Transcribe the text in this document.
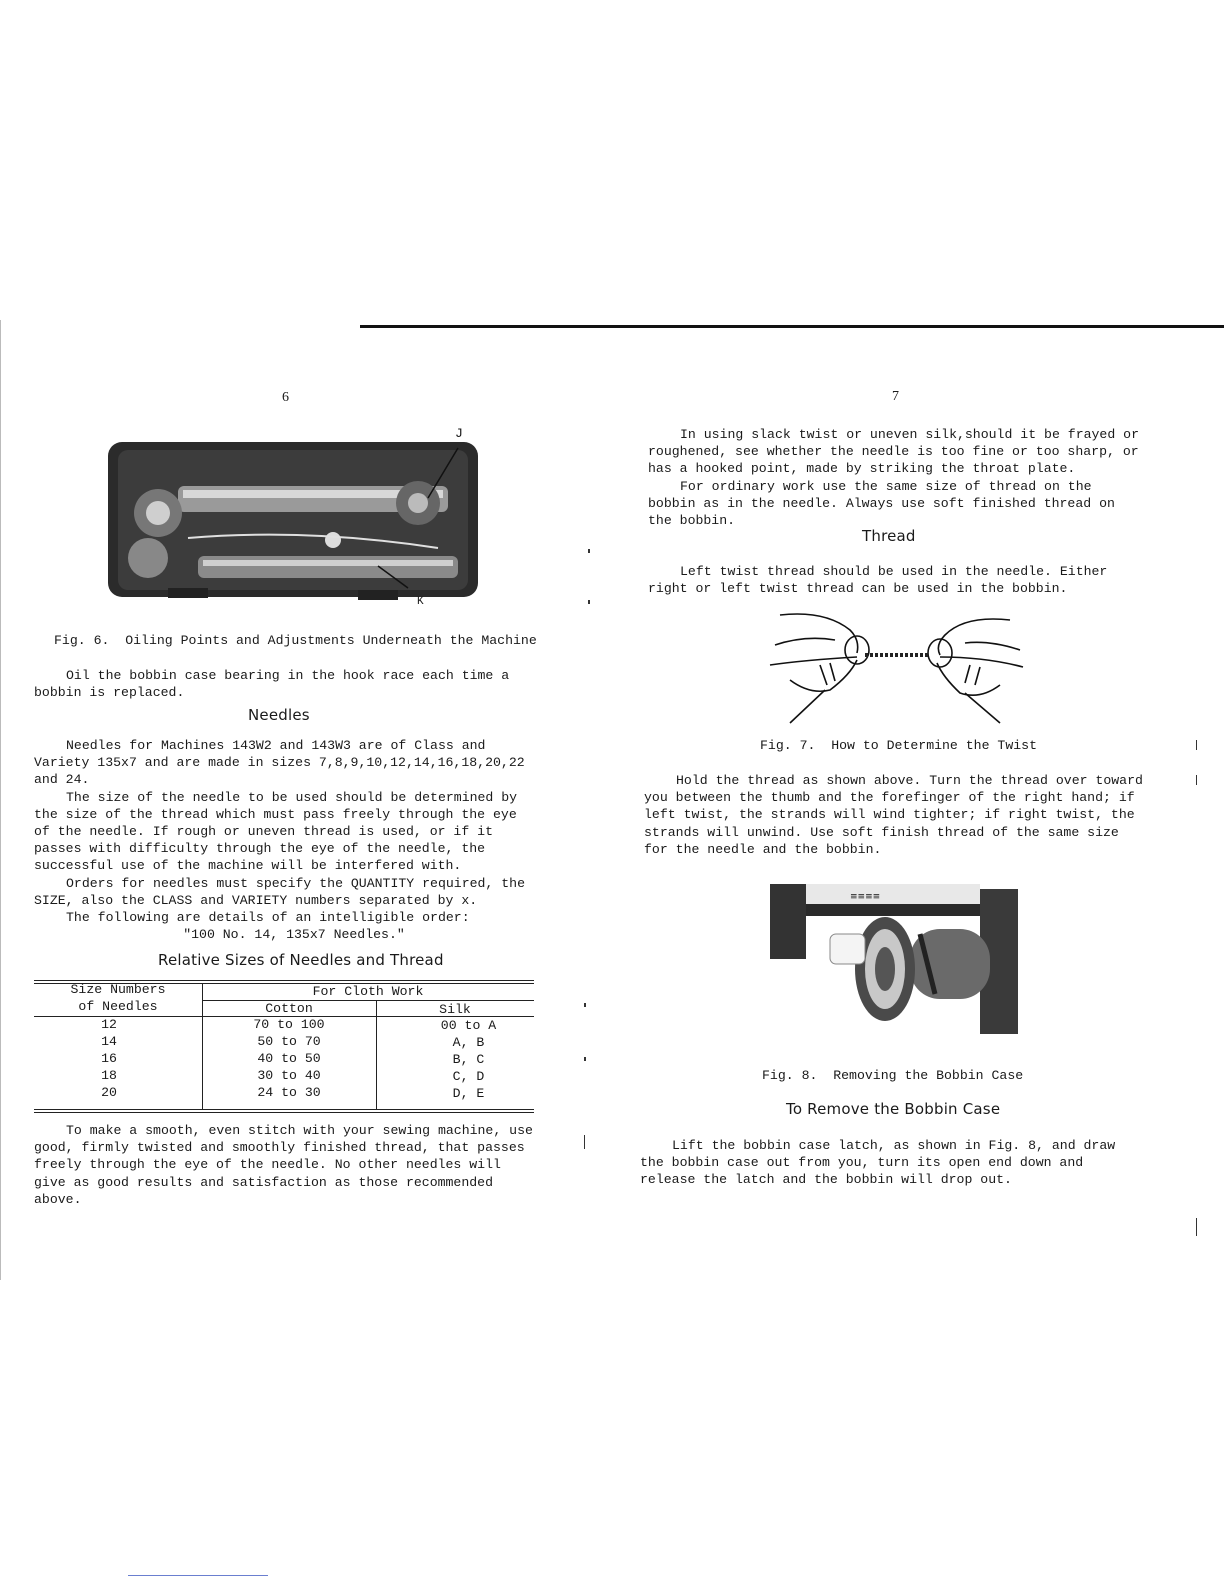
6
J
K
Fig. 6.  Oiling Points and Adjustments Underneath the Machine
Oil the bobbin case bearing in the hook race each time a bobbin is replaced.
Needles

Needles for Machines 143W2 and 143W3 are of Class and Variety 135x7 and are made in sizes 7,8,9,10,12,14,16,18,20,22 and 24.

The size of the needle to be used should be determined by the size of the thread which must pass freely through the eye of the needle. If rough or uneven thread is used, or if it passes with difficulty through the eye of the needle, the successful use of the machine will be interfered with.

Orders for needles must specify the QUANTITY required, the SIZE, also the CLASS and VARIETY numbers separated by x.

The following are details of an intelligible order:

"100 No. 14, 135x7 Needles."

Relative Sizes of Needles and Thread
Size Numbers
of Needles
For Cloth Work
Cotton	Silk
12	70 to 100	00 to A
14	50 to 70	A, B
16	40 to 50	B, C
18	30 to 40	C, D
20	24 to 30	D, E
To make a smooth, even stitch with your sewing machine, use good, firmly twisted and smoothly finished thread, that passes freely through the eye of the needle. No other needles will give as good results and satisfaction as those recommended above.
7

In using slack twist or uneven silk,should it be frayed or roughened, see whether the needle is too fine or too sharp, or has a hooked point, made by striking the throat plate.

For ordinary work use the same size of thread on the bobbin as in the needle. Always use soft finished thread on the bobbin.

Thread
Left twist thread should be used in the needle. Either right or left twist thread can be used in the bobbin.
Fig. 7.  How to Determine the Twist
Hold the thread as shown above. Turn the thread over toward you between the thumb and the forefinger of the right hand; if left twist, the strands will wind tighter; if right twist, the strands will unwind. Use soft finish thread of the same size for the needle and the bobbin.
≡≡≡≡
Fig. 8.  Removing the Bobbin Case
To Remove the Bobbin Case
Lift the bobbin case latch, as shown in Fig. 8, and draw the bobbin case out from you, turn its open end down and release the latch and the bobbin will drop out.
